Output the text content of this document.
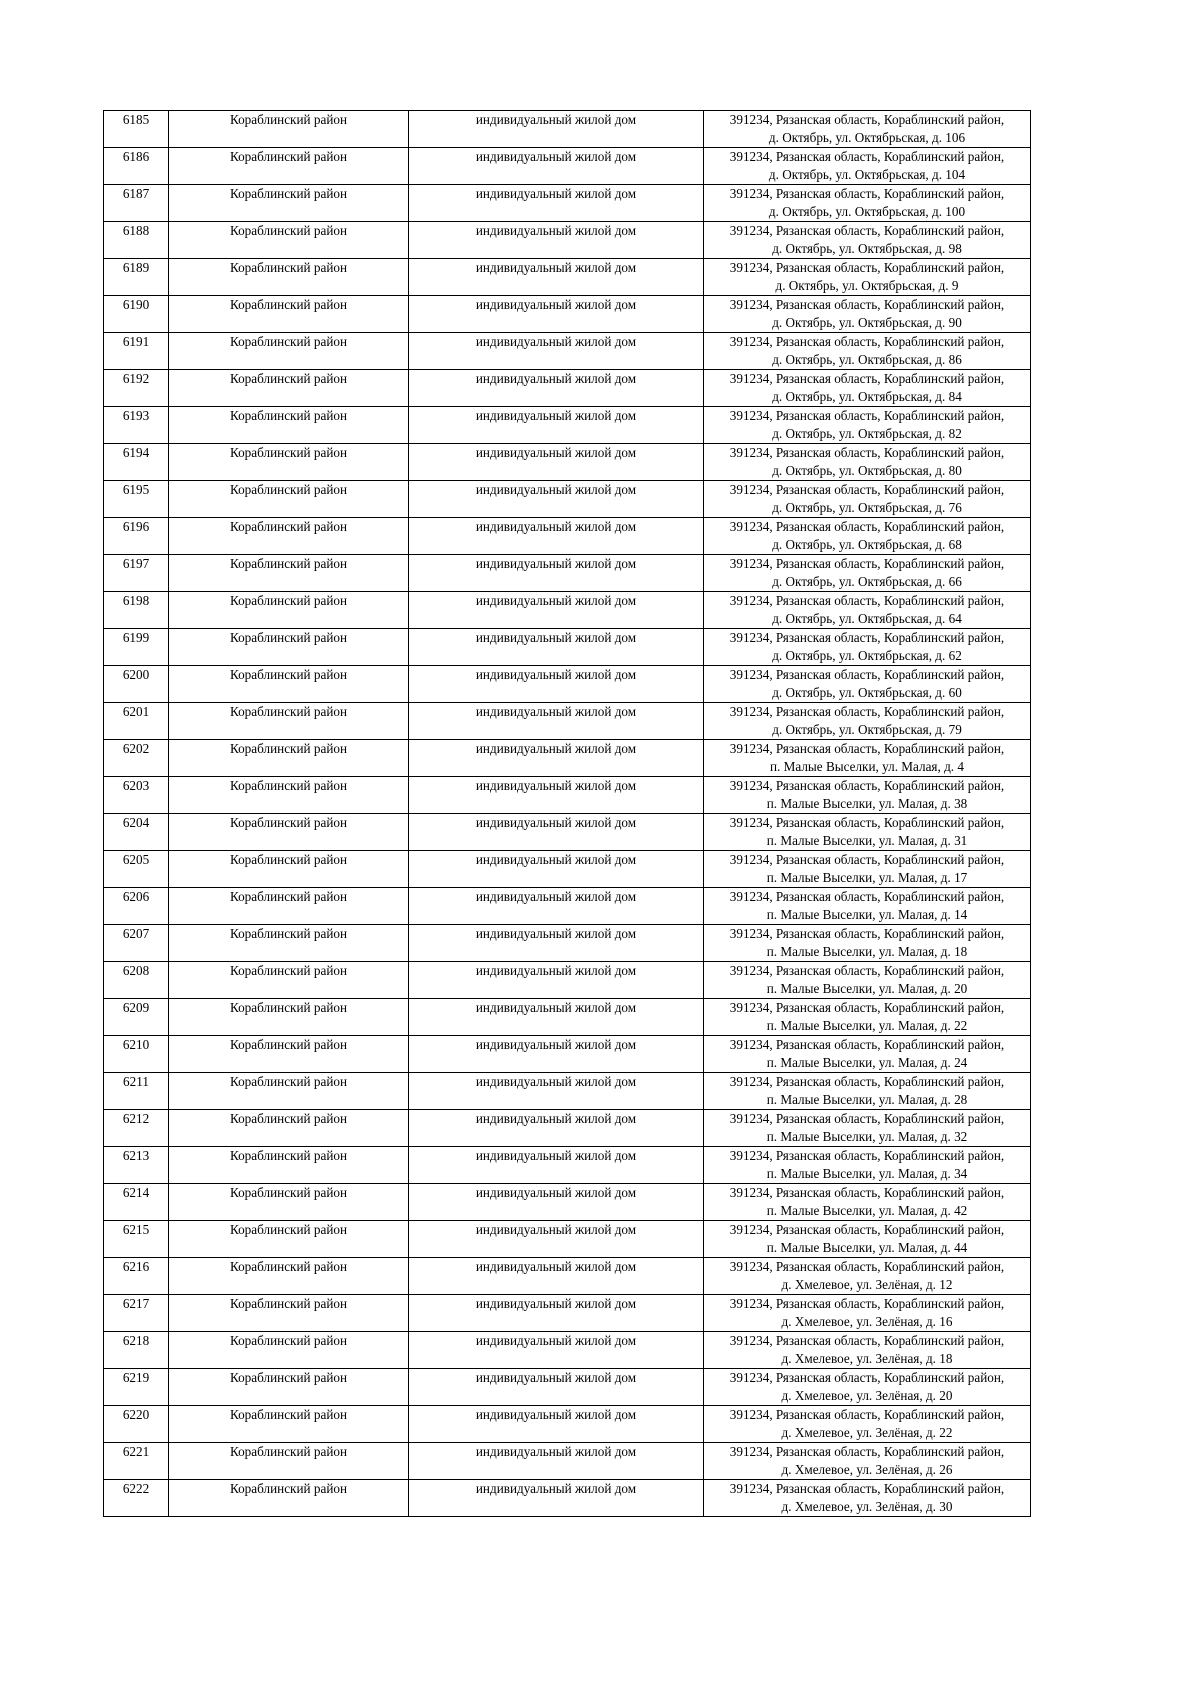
6185	Кораблинский район	индивидуальный жилой дом	391234, Рязанская область, Кораблинский район,
д. Октябрь, ул. Октябрьская, д. 106

6186	Кораблинский район	индивидуальный жилой дом	391234, Рязанская область, Кораблинский район,
д. Октябрь, ул. Октябрьская, д. 104

6187	Кораблинский район	индивидуальный жилой дом	391234, Рязанская область, Кораблинский район,
д. Октябрь, ул. Октябрьская, д. 100

6188	Кораблинский район	индивидуальный жилой дом	391234, Рязанская область, Кораблинский район,
д. Октябрь, ул. Октябрьская, д. 98

6189	Кораблинский район	индивидуальный жилой дом	391234, Рязанская область, Кораблинский район,
д. Октябрь, ул. Октябрьская, д. 9

6190	Кораблинский район	индивидуальный жилой дом	391234, Рязанская область, Кораблинский район,
д. Октябрь, ул. Октябрьская, д. 90

6191	Кораблинский район	индивидуальный жилой дом	391234, Рязанская область, Кораблинский район,
д. Октябрь, ул. Октябрьская, д. 86

6192	Кораблинский район	индивидуальный жилой дом	391234, Рязанская область, Кораблинский район,
д. Октябрь, ул. Октябрьская, д. 84

6193	Кораблинский район	индивидуальный жилой дом	391234, Рязанская область, Кораблинский район,
д. Октябрь, ул. Октябрьская, д. 82

6194	Кораблинский район	индивидуальный жилой дом	391234, Рязанская область, Кораблинский район,
д. Октябрь, ул. Октябрьская, д. 80

6195	Кораблинский район	индивидуальный жилой дом	391234, Рязанская область, Кораблинский район,
д. Октябрь, ул. Октябрьская, д. 76

6196	Кораблинский район	индивидуальный жилой дом	391234, Рязанская область, Кораблинский район,
д. Октябрь, ул. Октябрьская, д. 68

6197	Кораблинский район	индивидуальный жилой дом	391234, Рязанская область, Кораблинский район,
д. Октябрь, ул. Октябрьская, д. 66

6198	Кораблинский район	индивидуальный жилой дом	391234, Рязанская область, Кораблинский район,
д. Октябрь, ул. Октябрьская, д. 64

6199	Кораблинский район	индивидуальный жилой дом	391234, Рязанская область, Кораблинский район,
д. Октябрь, ул. Октябрьская, д. 62

6200	Кораблинский район	индивидуальный жилой дом	391234, Рязанская область, Кораблинский район,
д. Октябрь, ул. Октябрьская, д. 60

6201	Кораблинский район	индивидуальный жилой дом	391234, Рязанская область, Кораблинский район,
д. Октябрь, ул. Октябрьская, д. 79

6202	Кораблинский район	индивидуальный жилой дом	391234, Рязанская область, Кораблинский район,
п. Малые Выселки, ул. Малая, д. 4

6203	Кораблинский район	индивидуальный жилой дом	391234, Рязанская область, Кораблинский район,
п. Малые Выселки, ул. Малая, д. 38

6204	Кораблинский район	индивидуальный жилой дом	391234, Рязанская область, Кораблинский район,
п. Малые Выселки, ул. Малая, д. 31

6205	Кораблинский район	индивидуальный жилой дом	391234, Рязанская область, Кораблинский район,
п. Малые Выселки, ул. Малая, д. 17

6206	Кораблинский район	индивидуальный жилой дом	391234, Рязанская область, Кораблинский район,
п. Малые Выселки, ул. Малая, д. 14

6207	Кораблинский район	индивидуальный жилой дом	391234, Рязанская область, Кораблинский район,
п. Малые Выселки, ул. Малая, д. 18

6208	Кораблинский район	индивидуальный жилой дом	391234, Рязанская область, Кораблинский район,
п. Малые Выселки, ул. Малая, д. 20

6209	Кораблинский район	индивидуальный жилой дом	391234, Рязанская область, Кораблинский район,
п. Малые Выселки, ул. Малая, д. 22

6210	Кораблинский район	индивидуальный жилой дом	391234, Рязанская область, Кораблинский район,
п. Малые Выселки, ул. Малая, д. 24

6211	Кораблинский район	индивидуальный жилой дом	391234, Рязанская область, Кораблинский район,
п. Малые Выселки, ул. Малая, д. 28

6212	Кораблинский район	индивидуальный жилой дом	391234, Рязанская область, Кораблинский район,
п. Малые Выселки, ул. Малая, д. 32

6213	Кораблинский район	индивидуальный жилой дом	391234, Рязанская область, Кораблинский район,
п. Малые Выселки, ул. Малая, д. 34

6214	Кораблинский район	индивидуальный жилой дом	391234, Рязанская область, Кораблинский район,
п. Малые Выселки, ул. Малая, д. 42

6215	Кораблинский район	индивидуальный жилой дом	391234, Рязанская область, Кораблинский район,
п. Малые Выселки, ул. Малая, д. 44

6216	Кораблинский район	индивидуальный жилой дом	391234, Рязанская область, Кораблинский район,
д. Хмелевое, ул. Зелёная, д. 12

6217	Кораблинский район	индивидуальный жилой дом	391234, Рязанская область, Кораблинский район,
д. Хмелевое, ул. Зелёная, д. 16

6218	Кораблинский район	индивидуальный жилой дом	391234, Рязанская область, Кораблинский район,
д. Хмелевое, ул. Зелёная, д. 18

6219	Кораблинский район	индивидуальный жилой дом	391234, Рязанская область, Кораблинский район,
д. Хмелевое, ул. Зелёная, д. 20

6220	Кораблинский район	индивидуальный жилой дом	391234, Рязанская область, Кораблинский район,
д. Хмелевое, ул. Зелёная, д. 22

6221	Кораблинский район	индивидуальный жилой дом	391234, Рязанская область, Кораблинский район,
д. Хмелевое, ул. Зелёная, д. 26

6222	Кораблинский район	индивидуальный жилой дом	391234, Рязанская область, Кораблинский район,
д. Хмелевое, ул. Зелёная, д. 30
